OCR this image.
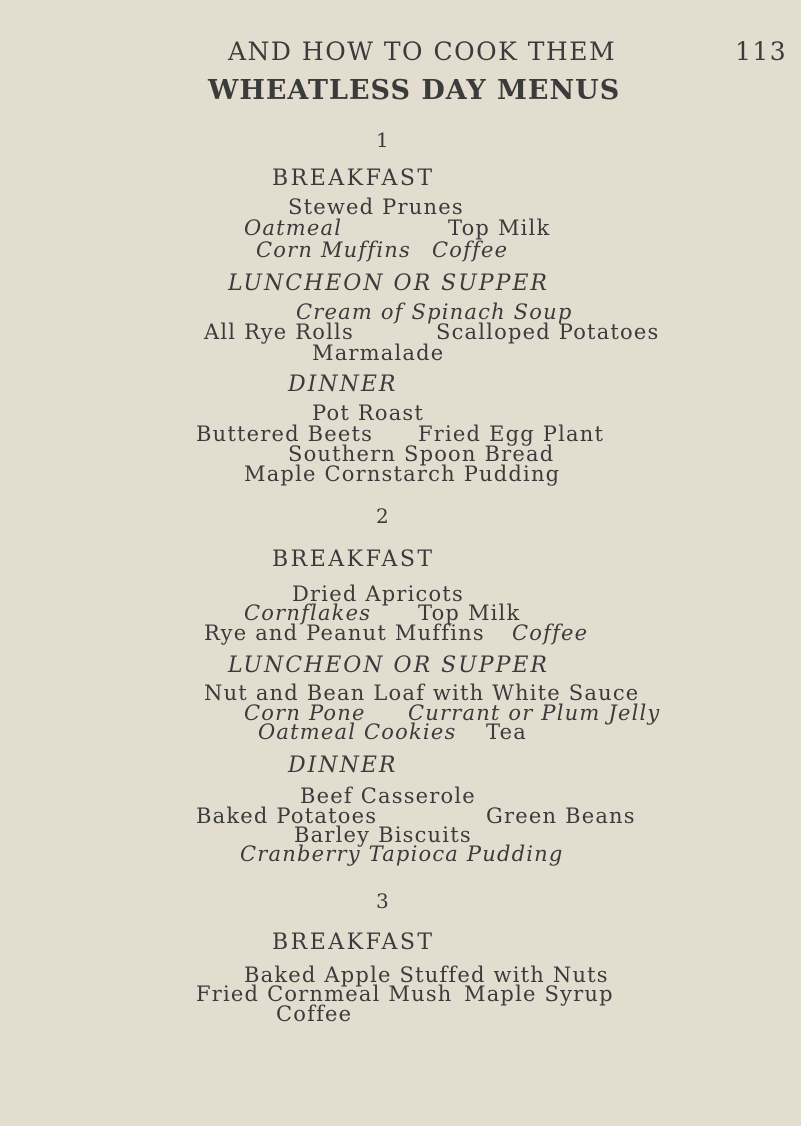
AND HOW TO COOK THEM	113
WHEATLESS DAY MENUS
1
BREAKFAST
Stewed Prunes
Oatmeal	Top Milk
Corn Muffins Coffee
LUNCHEON OR SUPPER
Cream of Spinach Soup
All Rye Rolls	Scalloped Potatoes
Marmalade
DINNER
Pot Roast
Buttered Beets Fried Egg Plant
Southern Spoon Bread
Maple Cornstarch Pudding
2
BREAKFAST
Dried Apricots
Cornflakes Top Milk
Rye and Peanut Muffins Coffee
LUNCHEON OR SUPPER
Nut and Bean Loaf with White Sauce
Corn Pone Currant or Plum Jelly
Oatmeal Cookies Tea
DINNER
Beef Casserole
Baked Potatoes	Green Beans
Barley Biscuits
Cranberry Tapioca Pudding
3
BREAKFAST
Baked Apple Stuffed with Nuts
Fried Cornmeal Mush Maple Syrup
Coffee
